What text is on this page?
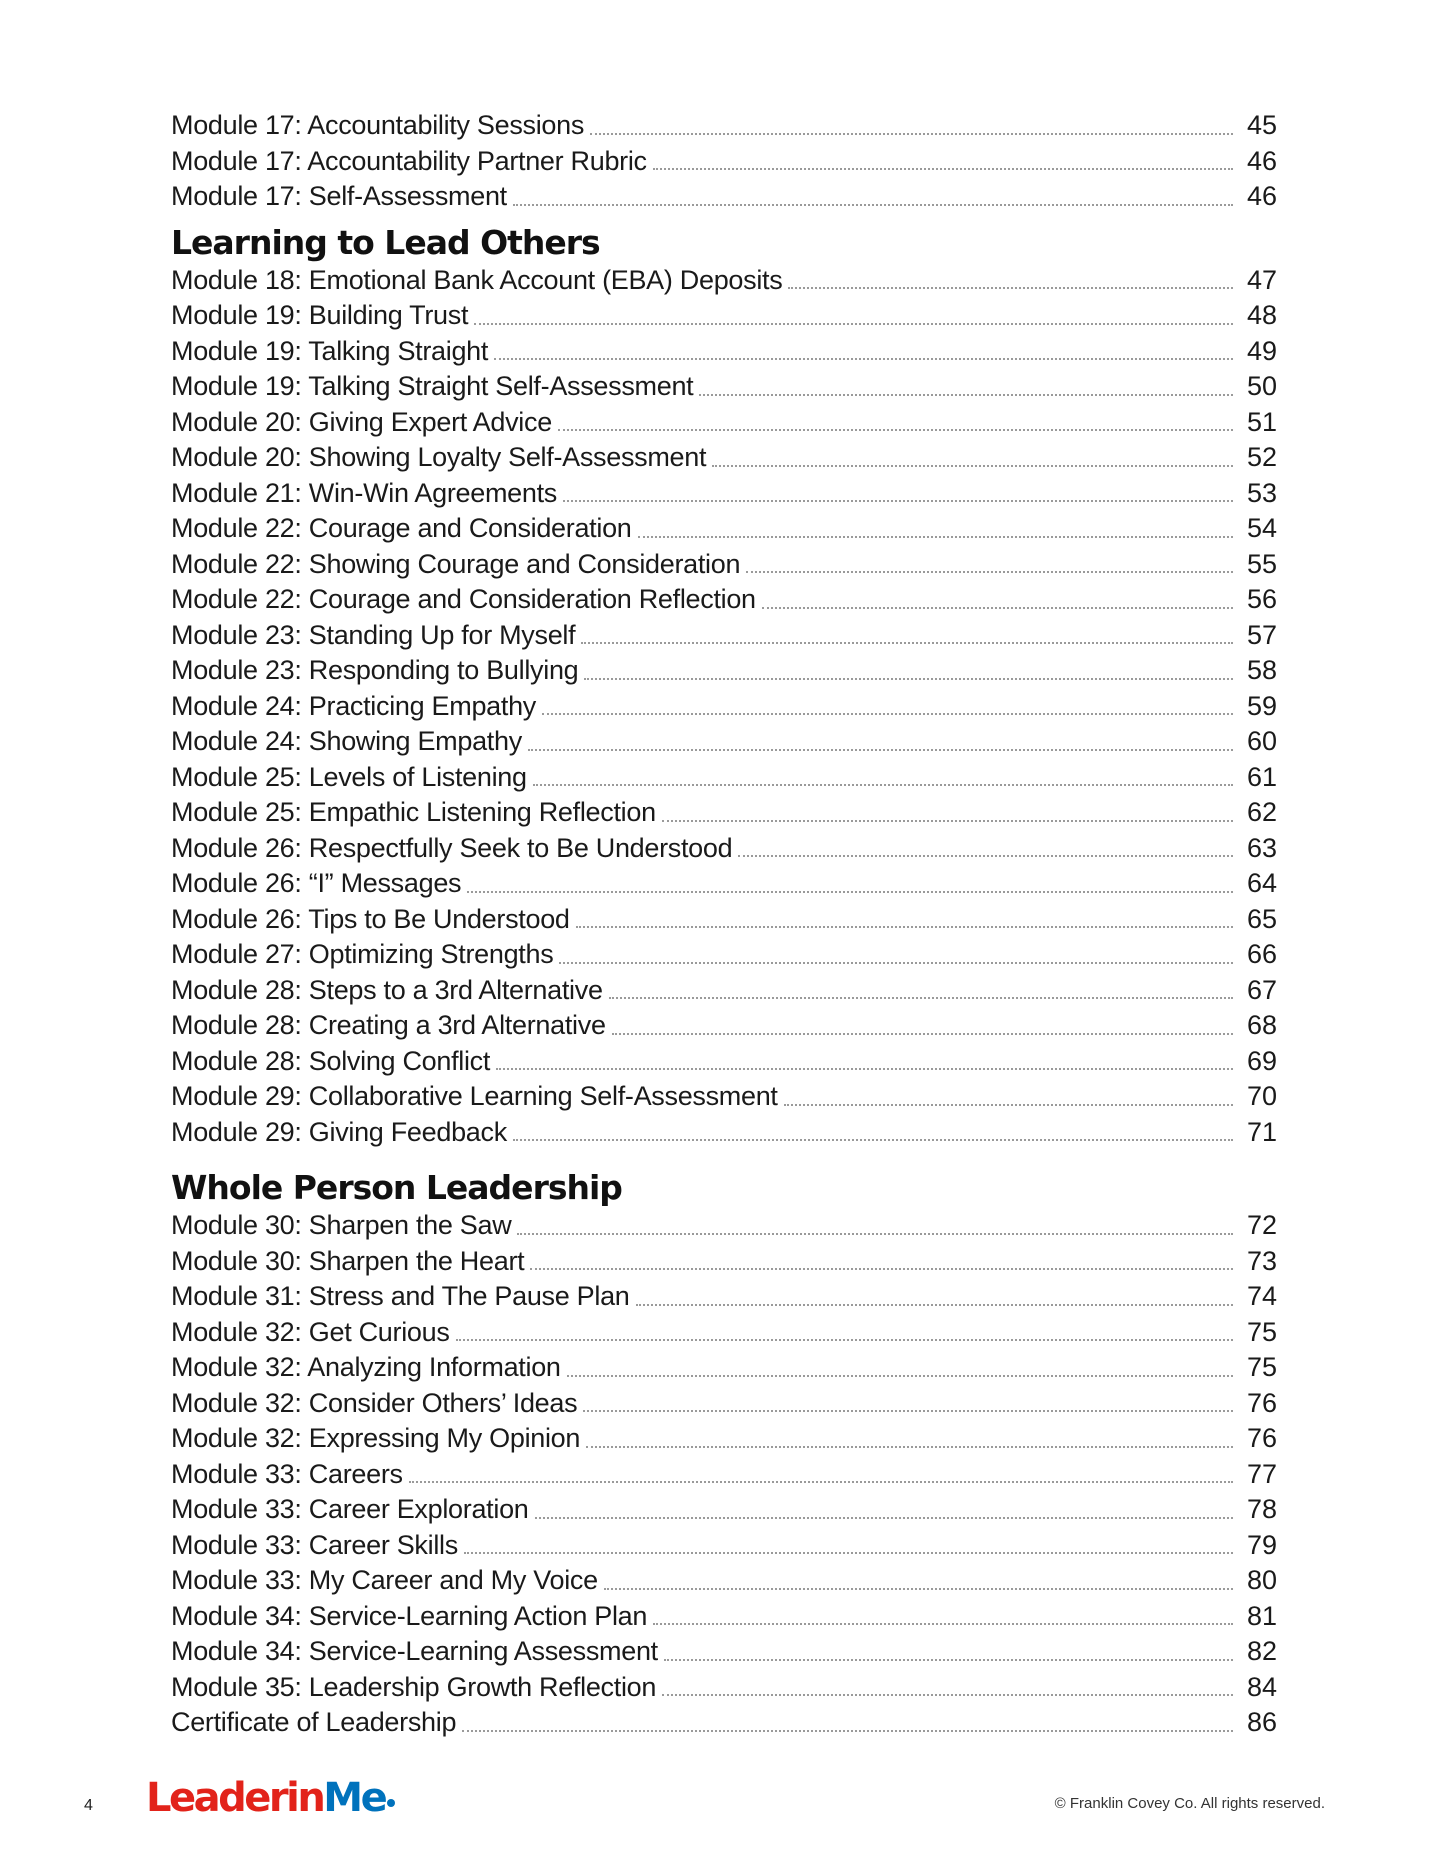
Module 17: Accountability Sessions	45
Module 17: Accountability Partner Rubric	46
Module 17: Self-Assessment	46
Learning to Lead Others
Module 18: Emotional Bank Account (EBA) Deposits	47
Module 19: Building Trust	48
Module 19: Talking Straight	49
Module 19: Talking Straight Self-Assessment	50
Module 20: Giving Expert Advice	51
Module 20: Showing Loyalty Self-Assessment	52
Module 21: Win-Win Agreements	53
Module 22: Courage and Consideration	54
Module 22: Showing Courage and Consideration	55
Module 22: Courage and Consideration Reflection	56
Module 23: Standing Up for Myself	57
Module 23: Responding to Bullying	58
Module 24: Practicing Empathy	59
Module 24: Showing Empathy	60
Module 25: Levels of Listening	61
Module 25: Empathic Listening Reflection	62
Module 26: Respectfully Seek to Be Understood	63
Module 26: “I” Messages	64
Module 26: Tips to Be Understood	65
Module 27: Optimizing Strengths	66
Module 28: Steps to a 3rd Alternative	67
Module 28: Creating a 3rd Alternative	68
Module 28: Solving Conflict	69
Module 29: Collaborative Learning Self-Assessment	70
Module 29: Giving Feedback	71
Whole Person Leadership
Module 30: Sharpen the Saw	72
Module 30: Sharpen the Heart	73
Module 31: Stress and The Pause Plan	74
Module 32: Get Curious	75
Module 32: Analyzing Information	75
Module 32: Consider Others’ Ideas	76
Module 32: Expressing My Opinion	76
Module 33: Careers	77
Module 33: Career Exploration	78
Module 33: Career Skills	79
Module 33: My Career and My Voice	80
Module 34: Service-Learning Action Plan	81
Module 34: Service-Learning Assessment	82
Module 35: Leadership Growth Reflection	84
Certificate of Leadership	86
4 LeaderinMe	© Franklin Covey Co. All rights reserved.
